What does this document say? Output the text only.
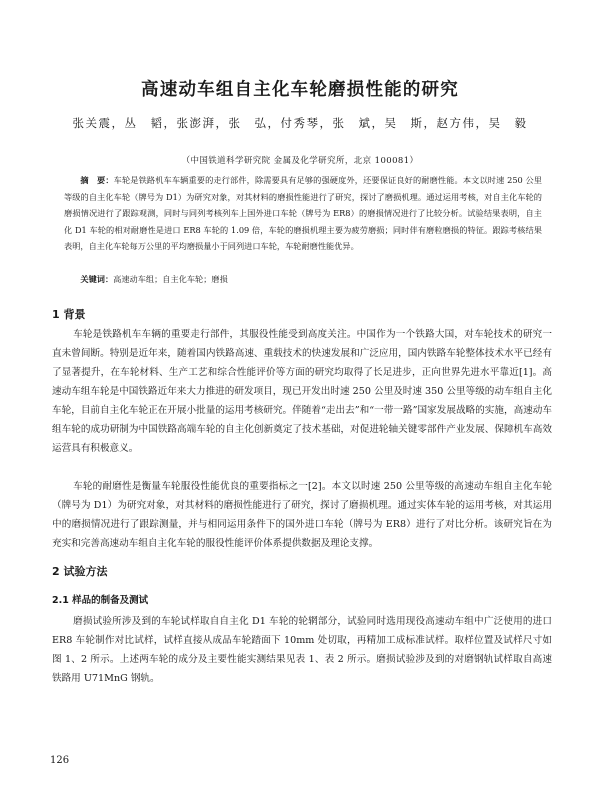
高速动车组自主化车轮磨损性能的研究
张关震，丛　韬，张澎湃，张　弘，付秀琴，张　斌，吴　斯，赵方伟，吴　毅
（中国铁道科学研究院 金属及化学研究所，北京 100081）
摘　要：车轮是铁路机车车辆重要的走行部件，除需要具有足够的强硬度外，还要保证良好的耐磨性能。本文以时速 250 公里等级的自主化车轮（牌号为 D1）为研究对象，对其材料的磨损性能进行了研究，探讨了磨损机理。通过运用考核，对自主化车轮的磨损情况进行了跟踪观测，同时与同列考核列车上国外进口车轮（牌号为 ER8）的磨损情况进行了比较分析。试验结果表明，自主化 D1 车轮的相对耐磨性是进口 ER8 车轮的 1.09 倍，车轮的磨损机理主要为疲劳磨损；同时伴有磨粒磨损的特征。跟踪考核结果表明，自主化车轮每万公里的平均磨损量小于同列进口车轮，车轮耐磨性能优异。
关键词：高速动车组；自主化车轮；磨损
1 背景
车轮是铁路机车车辆的重要走行部件，其服役性能受到高度关注。中国作为一个铁路大国，对车轮技术的研究一直未曾间断。特别是近年来，随着国内铁路高速、重载技术的快速发展和广泛应用，国内铁路车轮整体技术水平已经有了显著提升，在车轮材料、生产工艺和综合性能评价等方面的研究均取得了长足进步，正向世界先进水平靠近[1]。高速动车组车轮是中国铁路近年来大力推进的研发项目，现已开发出时速 250 公里及时速 350 公里等级的动车组自主化车轮，目前自主化车轮正在开展小批量的运用考核研究。伴随着“走出去”和“一带一路”国家发展战略的实施，高速动车组车轮的成功研制为中国铁路高端车轮的自主化创新奠定了技术基础，对促进轮轴关键零部件产业发展、保障机车高效运营具有积极意义。
车轮的耐磨性是衡量车轮服役性能优良的重要指标之一[2]。本文以时速 250 公里等级的高速动车组自主化车轮（牌号为 D1）为研究对象，对其材料的磨损性能进行了研究，探讨了磨损机理。通过实体车轮的运用考核，对其运用中的磨损情况进行了跟踪测量，并与相同运用条件下的国外进口车轮（牌号为 ER8）进行了对比分析。该研究旨在为充实和完善高速动车组自主化车轮的服役性能评价体系提供数据及理论支撑。
2 试验方法
2.1 样品的制备及测试
磨损试验所涉及到的车轮试样取自自主化 D1 车轮的轮辋部分，试验同时选用现役高速动车组中广泛使用的进口 ER8 车轮制作对比试样，试样直接从成品车轮踏面下 10mm 处切取，再精加工成标准试样。取样位置及试样尺寸如图 1、2 所示。上述两车轮的成分及主要性能实测结果见表 1、表 2 所示。磨损试验涉及到的对磨钢轨试样取自高速铁路用 U71MnG 钢轨。
126
